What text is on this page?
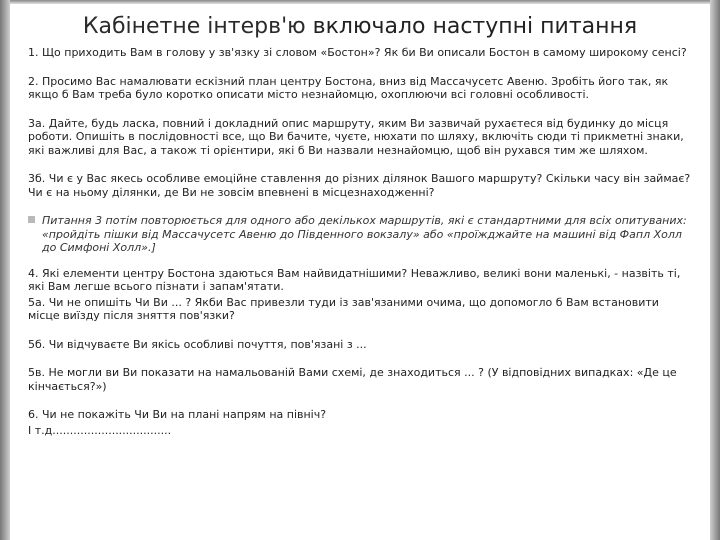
Кабінетне інтерв'ю включало наступні питання

1. Що приходить Вам в голову у зв'язку зі словом «Бостон»? Як би Ви описали Бостон в самому широкому сенсі?

2. Просимо Вас намалювати ескізний план центру Бостона, вниз від Массачусетс Авеню. Зробіть його так, як якщо б Вам треба було коротко описати місто незнайомцю, охоплюючи всі головні особливості.

3а. Дайте, будь ласка, повний і докладний опис маршруту, яким Ви зазвичай рухаєтеся від будинку до місця роботи. Опишіть в послідовності все, що Ви бачите, чуєте, нюхати по шляху, включіть сюди ті прикметні знаки, які важливі для Вас, а також ті орієнтири, які б Ви назвали незнайомцю, щоб він рухався тим же шляхом.

3б. Чи є у Вас якесь особливе емоційне ставлення до різних ділянок Вашого маршруту? Скільки часу він займає? Чи є на ньому ділянки, де Ви не зовсім впевнені в місцезнаходженні?

Питання 3 потім повторюється для одного або декількох маршрутів, які є стандартними для всіх опитуваних: «пройдіть пішки від Массачусетс Авеню до Південного вокзалу» або «проїжджайте на машині від Фапл Холл до Симфоні Холл».]

4. Які елементи центру Бостона здаються Вам найвидатнішими? Неважливо, великі вони маленькі, - назвіть ті, які Вам легше всього пізнати і запам'ятати.

5а. Чи не опишіть Чи Ви ... ? Якби Вас привезли туди із зав'язаними очима, що допомогло б Вам встановити місце виїзду після зняття пов'язки?

5б. Чи відчуваєте Ви якісь особливі почуття, пов'язані з ...

5в. Не могли ви Ви показати на намальованій Вами схемі, де знаходиться ... ? (У відповідних випадках: «Де це кінчається?»)

6. Чи не покажіть Чи Ви на плані напрям на північ?

І т.д..................................
